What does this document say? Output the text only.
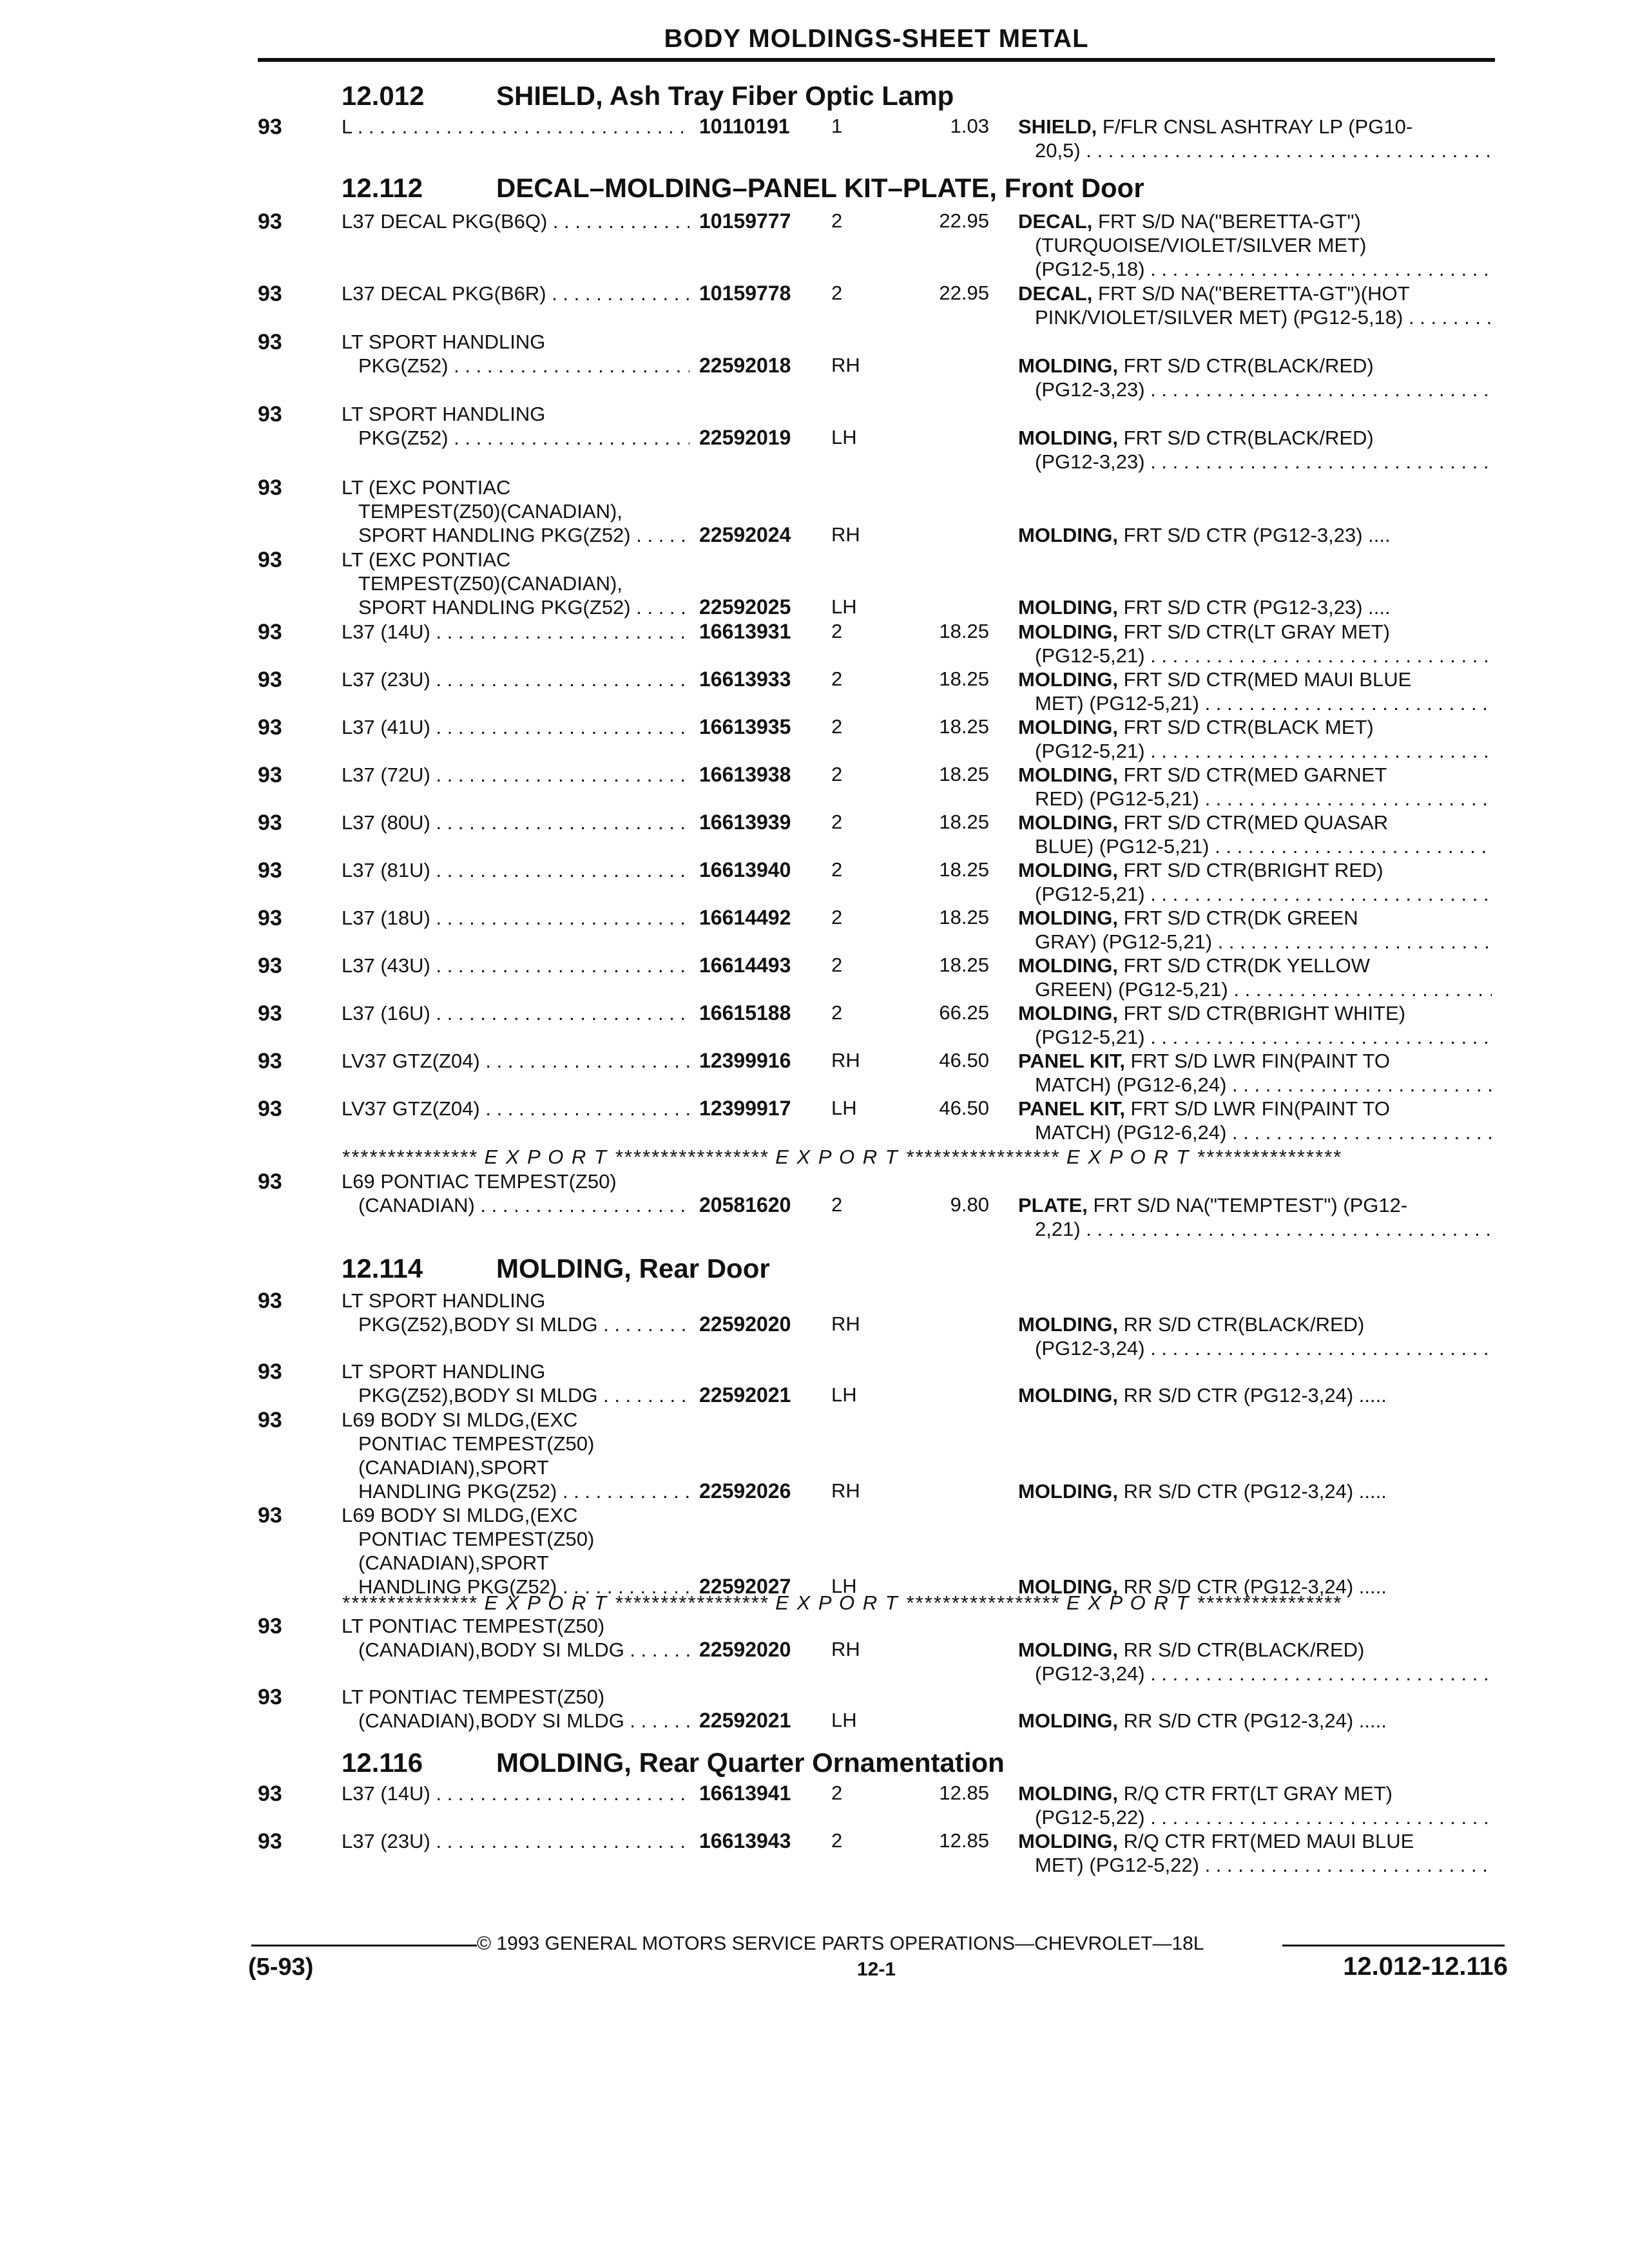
BODY MOLDINGS-SHEET METAL
12.012	SHIELD, Ash Tray Fiber Optic Lamp
93	L . . .	10110191	1	1.03 SHIELD, F/FLR CNSL ASHTRAY LP (PG10-
20,5) . . .
12.112	DECAL–MOLDING–PANEL KIT–PLATE, Front Door
93	L37 DECAL PKG(B6Q) . . .	10159777	2	22.95 DECAL, FRT S/D NA("BERETTA-GT")
(TURQUOISE/VIOLET/SILVER MET)
(PG12-5,18) . . .
93	L37 DECAL PKG(B6R) . . .	10159778	2	22.95 DECAL, FRT S/D NA("BERETTA-GT")(HOT
PINK/VIOLET/SILVER MET) (PG12-5,18) . . .
93	LT SPORT HANDLING
PKG(Z52) . . .	22592018	RH	MOLDING, FRT S/D CTR(BLACK/RED)
(PG12-3,23) . . .
93	LT SPORT HANDLING
PKG(Z52) . . .	22592019	LH	MOLDING, FRT S/D CTR(BLACK/RED)
(PG12-3,23) . . .
93	LT (EXC PONTIAC
TEMPEST(Z50)(CANADIAN),
SPORT HANDLING PKG(Z52) . . .	22592024	RH	MOLDING, FRT S/D CTR (PG12-3,23) ....
93	LT (EXC PONTIAC
TEMPEST(Z50)(CANADIAN),
SPORT HANDLING PKG(Z52) . . .	22592025	LH	MOLDING, FRT S/D CTR (PG12-3,23) ....
93	L37 (14U) . . .	16613931	2	18.25 MOLDING, FRT S/D CTR(LT GRAY MET)
(PG12-5,21) . . .
93	L37 (23U) . . .	16613933	2	18.25 MOLDING, FRT S/D CTR(MED MAUI BLUE
MET) (PG12-5,21) . . .
93	L37 (41U) . . .	16613935	2	18.25 MOLDING, FRT S/D CTR(BLACK MET)
(PG12-5,21) . . .
93	L37 (72U) . . .	16613938	2	18.25 MOLDING, FRT S/D CTR(MED GARNET
RED) (PG12-5,21) . . .
93	L37 (80U) . . .	16613939	2	18.25 MOLDING, FRT S/D CTR(MED QUASAR
BLUE) (PG12-5,21) . . .
93	L37 (81U) . . .	16613940	2	18.25 MOLDING, FRT S/D CTR(BRIGHT RED)
(PG12-5,21) . . .
93	L37 (18U) . . .	16614492	2	18.25 MOLDING, FRT S/D CTR(DK GREEN
GRAY) (PG12-5,21) . . .
93	L37 (43U) . . .	16614493	2	18.25 MOLDING, FRT S/D CTR(DK YELLOW
GREEN) (PG12-5,21) . . .
93	L37 (16U) . . .	16615188	2	66.25 MOLDING, FRT S/D CTR(BRIGHT WHITE)
(PG12-5,21) . . .
93	LV37 GTZ(Z04) . . .	12399916	RH	46.50 PANEL KIT, FRT S/D LWR FIN(PAINT TO
MATCH) (PG12-6,24) . . .
93	LV37 GTZ(Z04) . . .	12399917	LH	46.50 PANEL KIT, FRT S/D LWR FIN(PAINT TO
MATCH) (PG12-6,24) . . .
*************** E X P O R T ***************** E X P O R T ***************** E X P O R T ****************
93	L69 PONTIAC TEMPEST(Z50)
(CANADIAN) . . .	20581620	2	9.80 PLATE, FRT S/D NA("TEMPTEST") (PG12-
2,21) . . .
12.114	MOLDING, Rear Door
93	LT SPORT HANDLING
PKG(Z52),BODY SI MLDG . . .	22592020	RH	MOLDING, RR S/D CTR(BLACK/RED)
(PG12-3,24) . . .
93	LT SPORT HANDLING
PKG(Z52),BODY SI MLDG . . .	22592021	LH	MOLDING, RR S/D CTR (PG12-3,24) .....
93	L69 BODY SI MLDG,(EXC
PONTIAC TEMPEST(Z50)
(CANADIAN),SPORT
HANDLING PKG(Z52) . . .	22592026	RH	MOLDING, RR S/D CTR (PG12-3,24) .....
93	L69 BODY SI MLDG,(EXC
PONTIAC TEMPEST(Z50)
(CANADIAN),SPORT
HANDLING PKG(Z52) . . .	22592027	LH	MOLDING, RR S/D CTR (PG12-3,24) .....
*************** E X P O R T ***************** E X P O R T ***************** E X P O R T ****************
93	LT PONTIAC TEMPEST(Z50)
(CANADIAN),BODY SI MLDG . . . .	22592020	RH	MOLDING, RR S/D CTR(BLACK/RED)
(PG12-3,24) . . .
93	LT PONTIAC TEMPEST(Z50)
(CANADIAN),BODY SI MLDG . . . .	22592021	LH	MOLDING, RR S/D CTR (PG12-3,24) .....
12.116	MOLDING, Rear Quarter Ornamentation
93	L37 (14U) . . .	16613941	2	12.85 MOLDING, R/Q CTR FRT(LT GRAY MET)
(PG12-5,22) . . .
93	L37 (23U) . . .	16613943	2	12.85 MOLDING, R/Q CTR FRT(MED MAUI BLUE
MET) (PG12-5,22) . . .
© 1993 GENERAL MOTORS SERVICE PARTS OPERATIONS—CHEVROLET—18L
(5-93)	12-1	12.012-12.116
